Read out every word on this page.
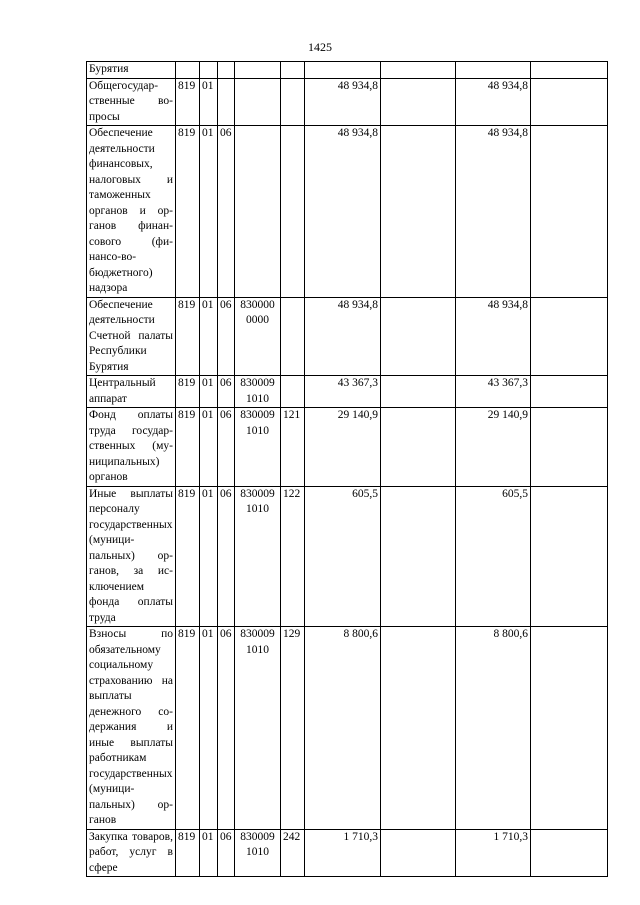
1425
Бурятия									
Общегосударственные вопросы	819	01				48 934,8		48 934,8	
Обеспечение деятельности финансовых, налоговых и таможенных органов и органов финансового (финансо-во-бюджетного) надзора	819	01	06			48 934,8		48 934,8	
Обеспечение деятельности Счетной палаты Республики Бурятия	819	01	06	830000 0000		48 934,8		48 934,8	
Центральный аппарат	819	01	06	830009 1010		43 367,3		43 367,3	
Фонд оплаты труда государственных (муниципальных) органов	819	01	06	830009 1010	121	29 140,9		29 140,9	
Иные выплаты персоналу государственных (муниципальных) органов, за исключением фонда оплаты труда	819	01	06	830009 1010	122	605,5		605,5	
Взносы по обязательному социальному страхованию на выплаты денежного содержания и иные выплаты работникам государственных (муниципальных) органов	819	01	06	830009 1010	129	8 800,6		8 800,6	
Закупка товаров, работ, услуг в сфере	819	01	06	830009 1010	242	1 710,3		1 710,3	
